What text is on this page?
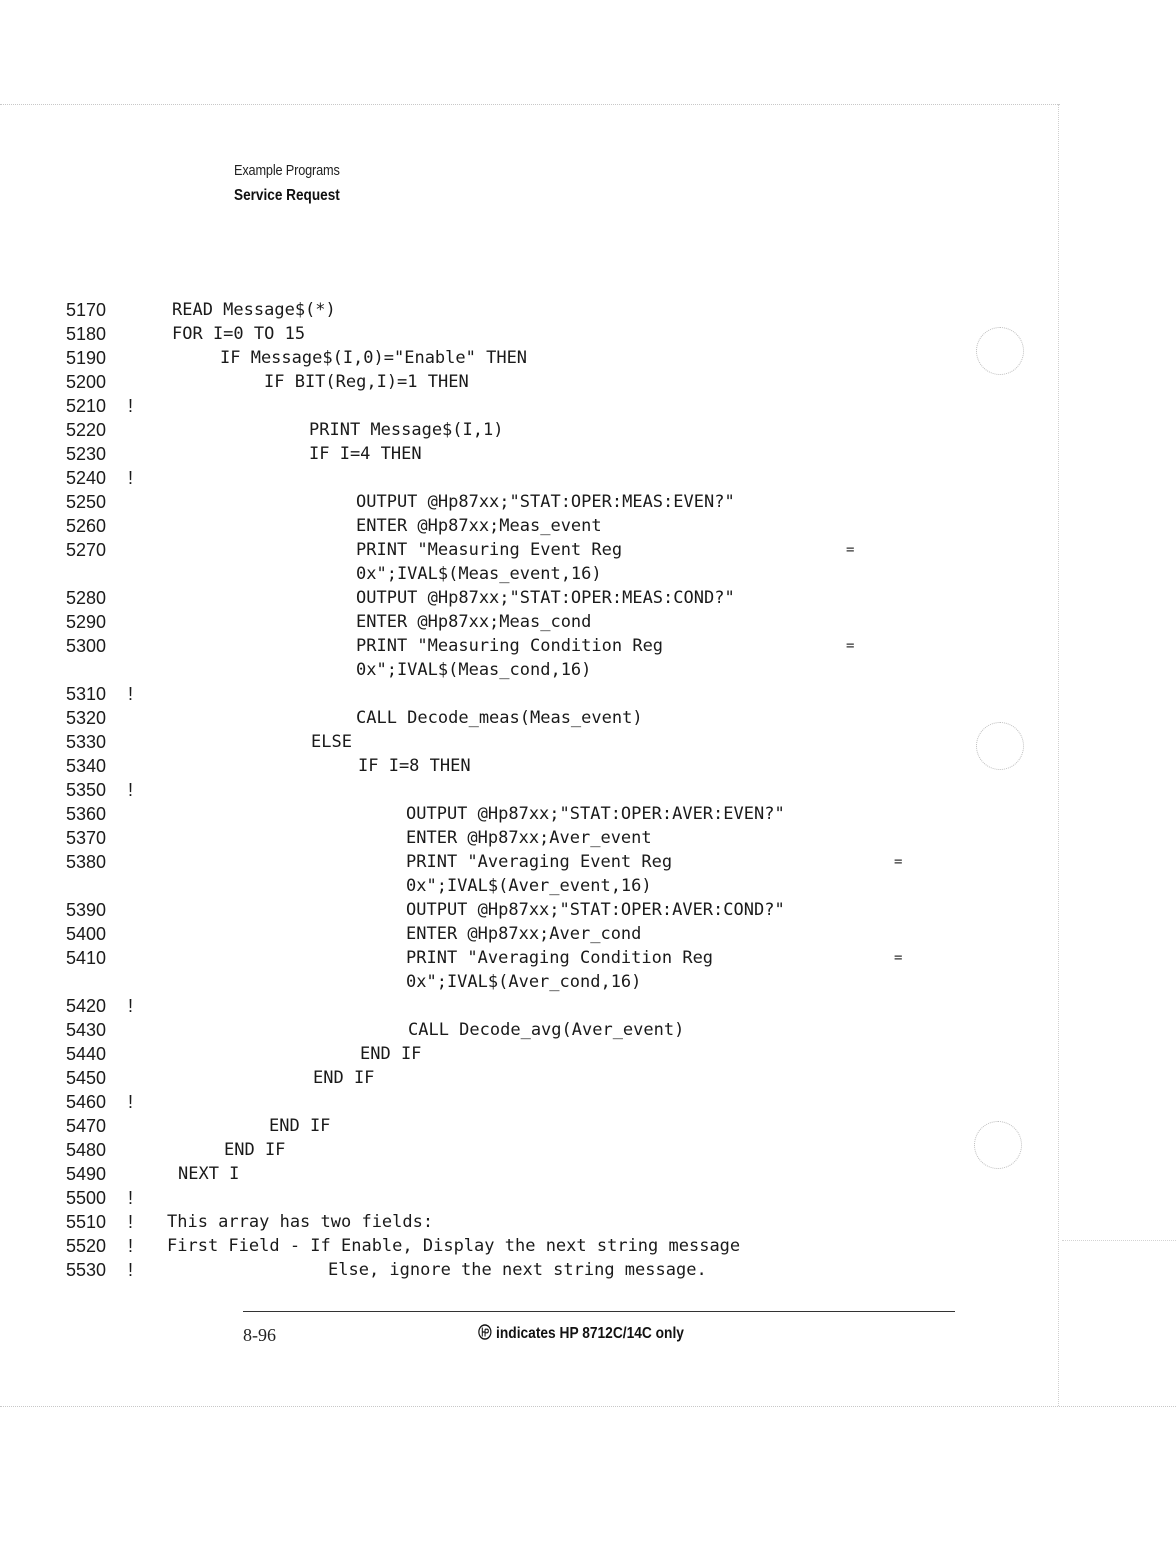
Example Programs
Service Request
5170	READ Message$(*)
5180	FOR I=0 TO 15
5190	IF Message$(I,0)="Enable" THEN
5200	IF BIT(Reg,I)=1 THEN
5210	!
5220	PRINT Message$(I,1)
5230	IF I=4 THEN
5240	!
5250	OUTPUT @Hp87xx;"STAT:OPER:MEAS:EVEN?"
5260	ENTER @Hp87xx;Meas_event
5270	PRINT "Measuring Event Reg	=
0x";IVAL$(Meas_event,16)
5280	OUTPUT @Hp87xx;"STAT:OPER:MEAS:COND?"
5290	ENTER @Hp87xx;Meas_cond
5300	PRINT "Measuring Condition Reg	=
0x";IVAL$(Meas_cond,16)
5310	!
5320	CALL Decode_meas(Meas_event)
5330	ELSE
5340	IF I=8 THEN
5350	!
5360	OUTPUT @Hp87xx;"STAT:OPER:AVER:EVEN?"
5370	ENTER @Hp87xx;Aver_event
5380	PRINT "Averaging Event Reg	=
0x";IVAL$(Aver_event,16)
5390	OUTPUT @Hp87xx;"STAT:OPER:AVER:COND?"
5400	ENTER @Hp87xx;Aver_cond
5410	PRINT "Averaging Condition Reg	=
0x";IVAL$(Aver_cond,16)
5420	!
5430	CALL Decode_avg(Aver_event)
5440	END IF
5450	END IF
5460	!
5470	END IF
5480	END IF
5490	NEXT I
5500	!
5510	! This array has two fields:
5520	! First Field - If Enable, Display the next string message
5530	!	Else, ignore the next string message.
8-96	indicates HP 8712C/14C only
